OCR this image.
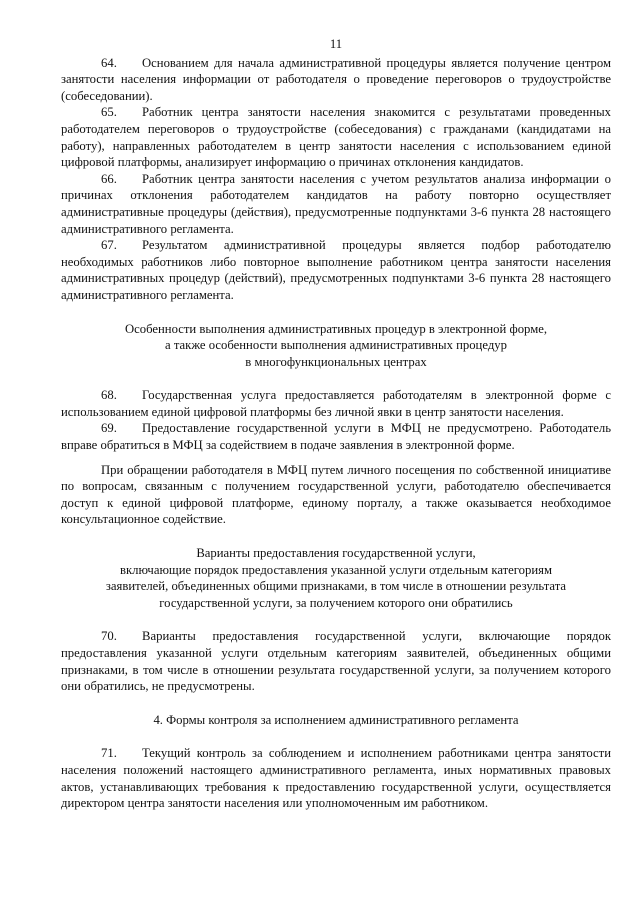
11

64. Основанием для начала административной процедуры является получение центром занятости населения информации от работодателя о проведение переговоров о трудоустройстве (собеседовании).

65. Работник центра занятости населения знакомится с результатами проведенных работодателем переговоров о трудоустройстве (собеседования) с гражданами (кандидатами на работу), направленных работодателем в центр занятости населения с использованием единой цифровой платформы, анализирует информацию о причинах отклонения кандидатов.

66. Работник центра занятости населения с учетом результатов анализа информации о причинах отклонения работодателем кандидатов на работу повторно осуществляет административные процедуры (действия), предусмотренные подпунктами 3-6 пункта 28 настоящего административного регламента.

67. Результатом административной процедуры является подбор работодателю необходимых работников либо повторное выполнение работником центра занятости населения административных процедур (действий), предусмотренных подпунктами 3-6 пункта 28 настоящего административного регламента.

Особенности выполнения административных процедур в электронной форме,
а также особенности выполнения административных процедур
в многофункциональных центрах

68. Государственная услуга предоставляется работодателям в электронной форме с использованием единой цифровой платформы без личной явки в центр занятости населения.

69. Предоставление государственной услуги в МФЦ не предусмотрено. Работодатель вправе обратиться в МФЦ за содействием в подаче заявления в электронной форме.

При обращении работодателя в МФЦ путем личного посещения по собственной инициативе по вопросам, связанным с получением государственной услуги, работодателю обеспечивается доступ к единой цифровой платформе, единому порталу, а также оказывается необходимое консультационное содействие.

Варианты предоставления государственной услуги,
включающие порядок предоставления указанной услуги отдельным категориям
заявителей, объединенных общими признаками, в том числе в отношении результата
государственной услуги, за получением которого они обратились

70. Варианты предоставления государственной услуги, включающие порядок предоставления указанной услуги отдельным категориям заявителей, объединенных общими признаками, в том числе в отношении результата государственной услуги, за получением которого они обратились, не предусмотрены.

4. Формы контроля за исполнением административного регламента

71. Текущий контроль за соблюдением и исполнением работниками центра занятости населения положений настоящего административного регламента, иных нормативных правовых актов, устанавливающих требования к предоставлению государственной услуги, осуществляется директором центра занятости населения или уполномоченным им работником.
